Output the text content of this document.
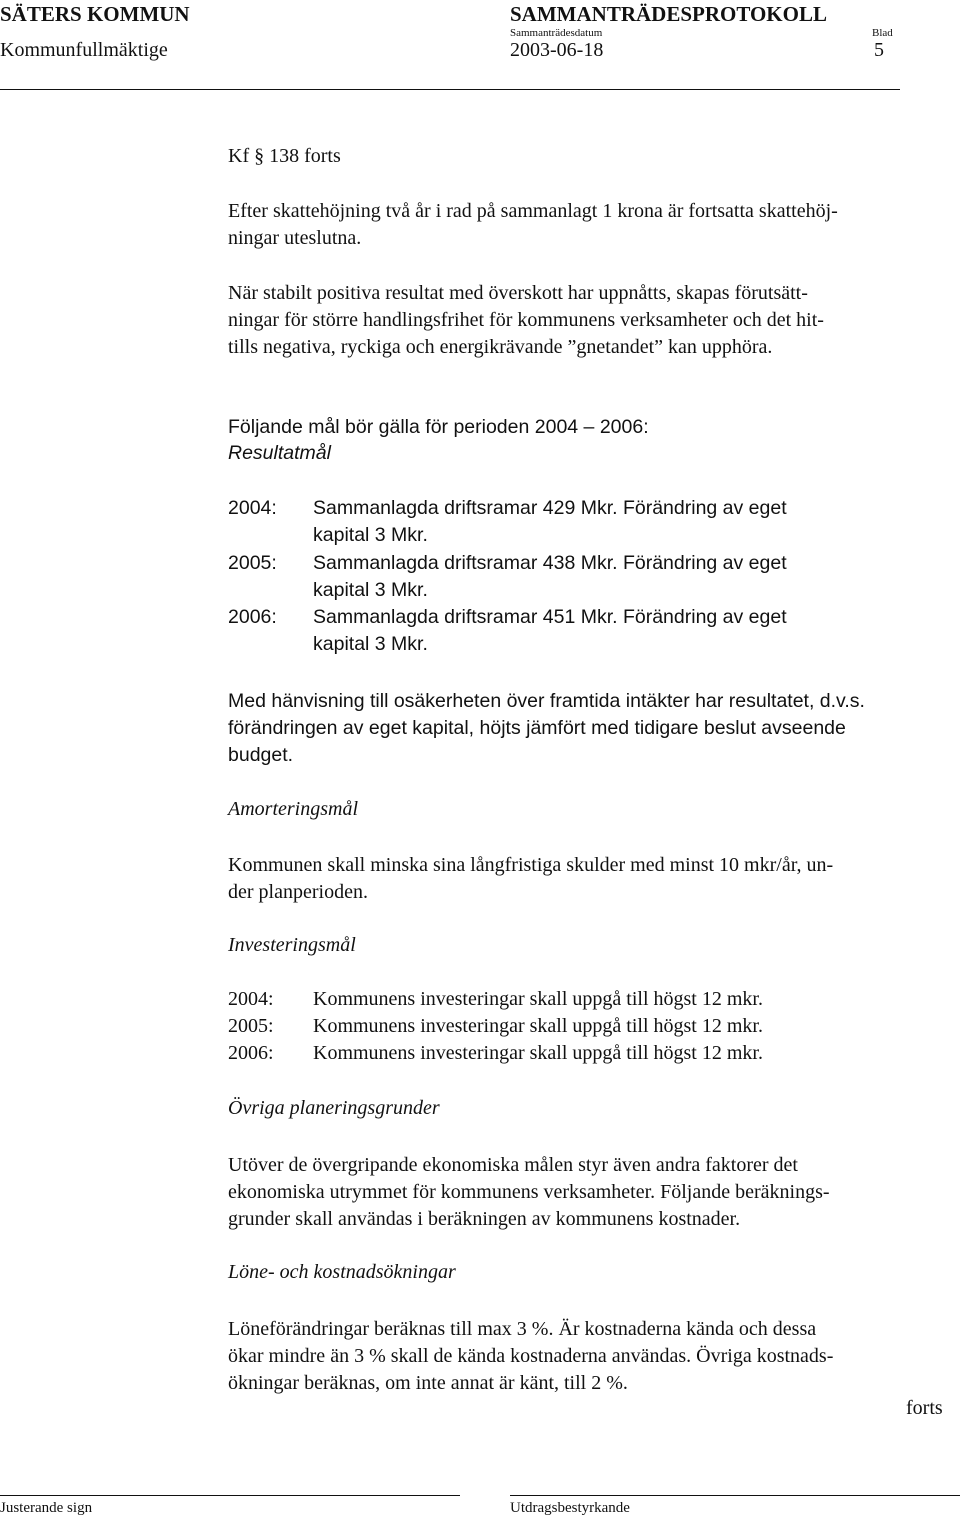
SÄTERS KOMMUN	SAMMANTRÄDESPROTOKOLL
Sammanträdesdatum	Blad
Kommunfullmäktige	2003-06-18	5
Kf § 138 forts
Efter skattehöjning två år i rad på sammanlagt 1 krona är fortsatta skattehöj-
ningar uteslutna.
När stabilt positiva resultat med överskott har uppnåtts, skapas förutsätt-
ningar för större handlingsfrihet för kommunens verksamheter och det hit-
tills negativa, ryckiga och energikrävande ”gnetandet” kan upphöra.
Följande mål bör gälla för perioden 2004 – 2006:
Resultatmål
2004: Sammanlagda driftsramar 429 Mkr. Förändring av eget
kapital 3 Mkr.
2005: Sammanlagda driftsramar 438 Mkr. Förändring av eget
kapital 3 Mkr.
2006: Sammanlagda driftsramar 451 Mkr. Förändring av eget
kapital 3 Mkr.
Med hänvisning till osäkerheten över framtida intäkter har resultatet, d.v.s.
förändringen av eget kapital, höjts jämfört med tidigare beslut avseende
budget.
Amorteringsmål
Kommunen skall minska sina långfristiga skulder med minst 10 mkr/år, un-
der planperioden.
Investeringsmål
2004: Kommunens investeringar skall uppgå till högst 12 mkr.
2005: Kommunens investeringar skall uppgå till högst 12 mkr.
2006: Kommunens investeringar skall uppgå till högst 12 mkr.
Övriga planeringsgrunder
Utöver de övergripande ekonomiska målen styr även andra faktorer det
ekonomiska utrymmet för kommunens verksamheter. Följande beräknings-
grunder skall användas i beräkningen av kommunens kostnader.
Löne- och kostnadsökningar
Löneförändringar beräknas till max 3 %. Är kostnaderna kända och dessa
ökar mindre än 3 % skall de kända kostnaderna användas. Övriga kostnads-
ökningar beräknas, om inte annat är känt, till 2 %.
forts
Justerande sign	Utdragsbestyrkande
